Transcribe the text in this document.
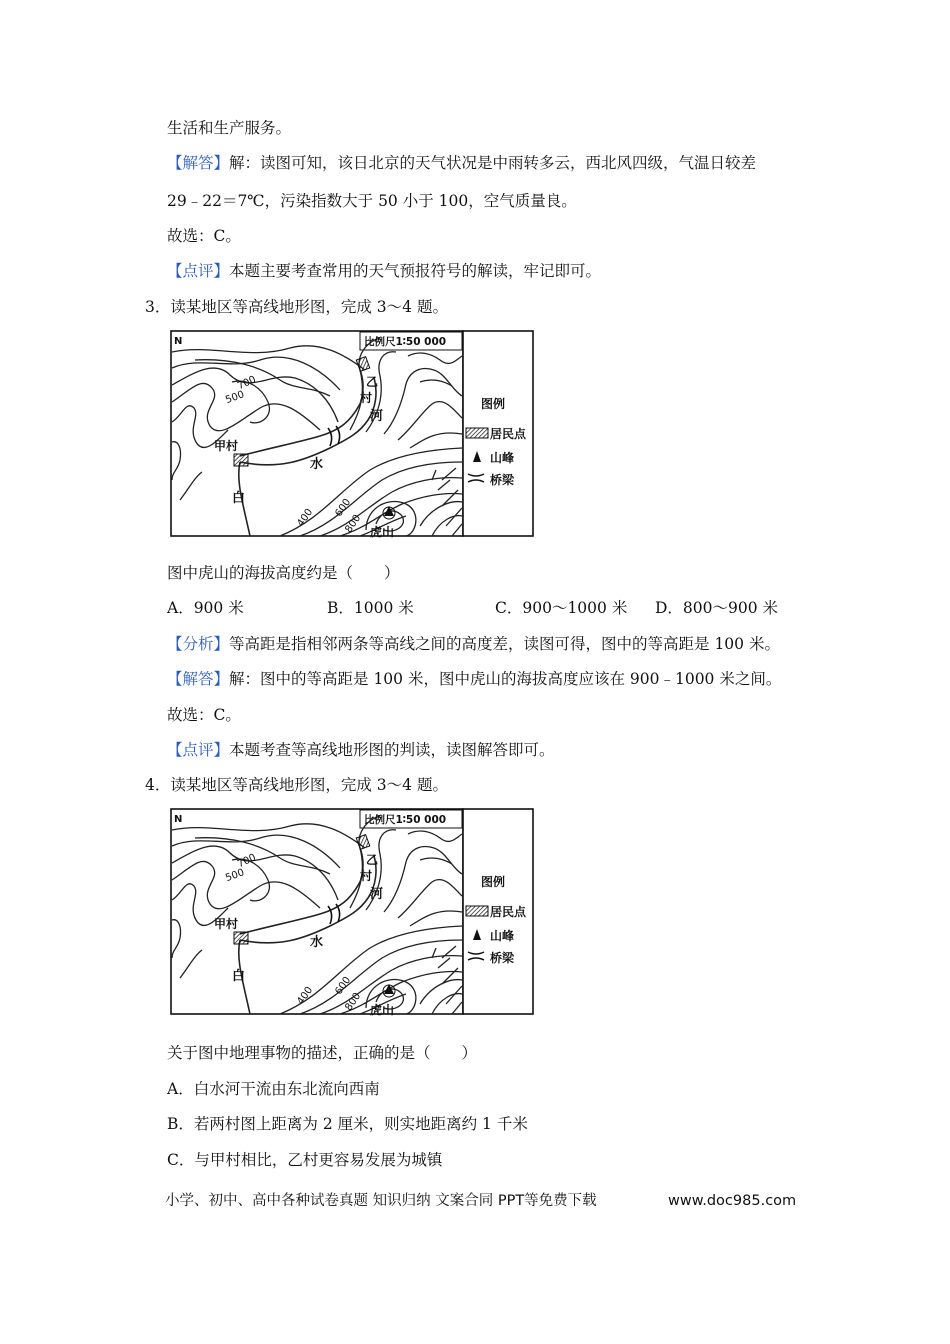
生活和生产服务。
【解答】解：读图可知，该日北京的天气状况是中雨转多云，西北风四级，气温日较差
29﹣22＝7℃，污染指数大于 50 小于 100，空气质量良。
故选：C。
【点评】本题主要考查常用的天气预报符号的解读，牢记即可。
3．读某地区等高线地形图，完成 3～4 题。
N	比例尺1∶50 000
700
500
400 600
800
甲村
乙
村
白
水
河
虎山
图例
居民点
山峰
桥梁
图中虎山的海拔高度约是（　　）
A．900 米	B．1000 米	C．900～1000 米 D．800～900 米
【分析】等高距是指相邻两条等高线之间的高度差，读图可得，图中的等高距是 100 米。
【解答】解：图中的等高距是 100 米，图中虎山的海拔高度应该在 900﹣1000 米之间。
故选：C。
【点评】本题考查等高线地形图的判读，读图解答即可。
4．读某地区等高线地形图，完成 3～4 题。
N	比例尺1∶50 000
700
500
400 600
800
甲村
乙
村
白
水
河
虎山
图例
居民点
山峰
桥梁
关于图中地理事物的描述，正确的是（　　）
A．白水河干流由东北流向西南
B．若两村图上距离为 2 厘米，则实地距离约 1 千米
C．与甲村相比，乙村更容易发展为城镇
小学、初中、高中各种试卷真题 知识归纳 文案合同 PPT等免费下载	www.doc985.com
